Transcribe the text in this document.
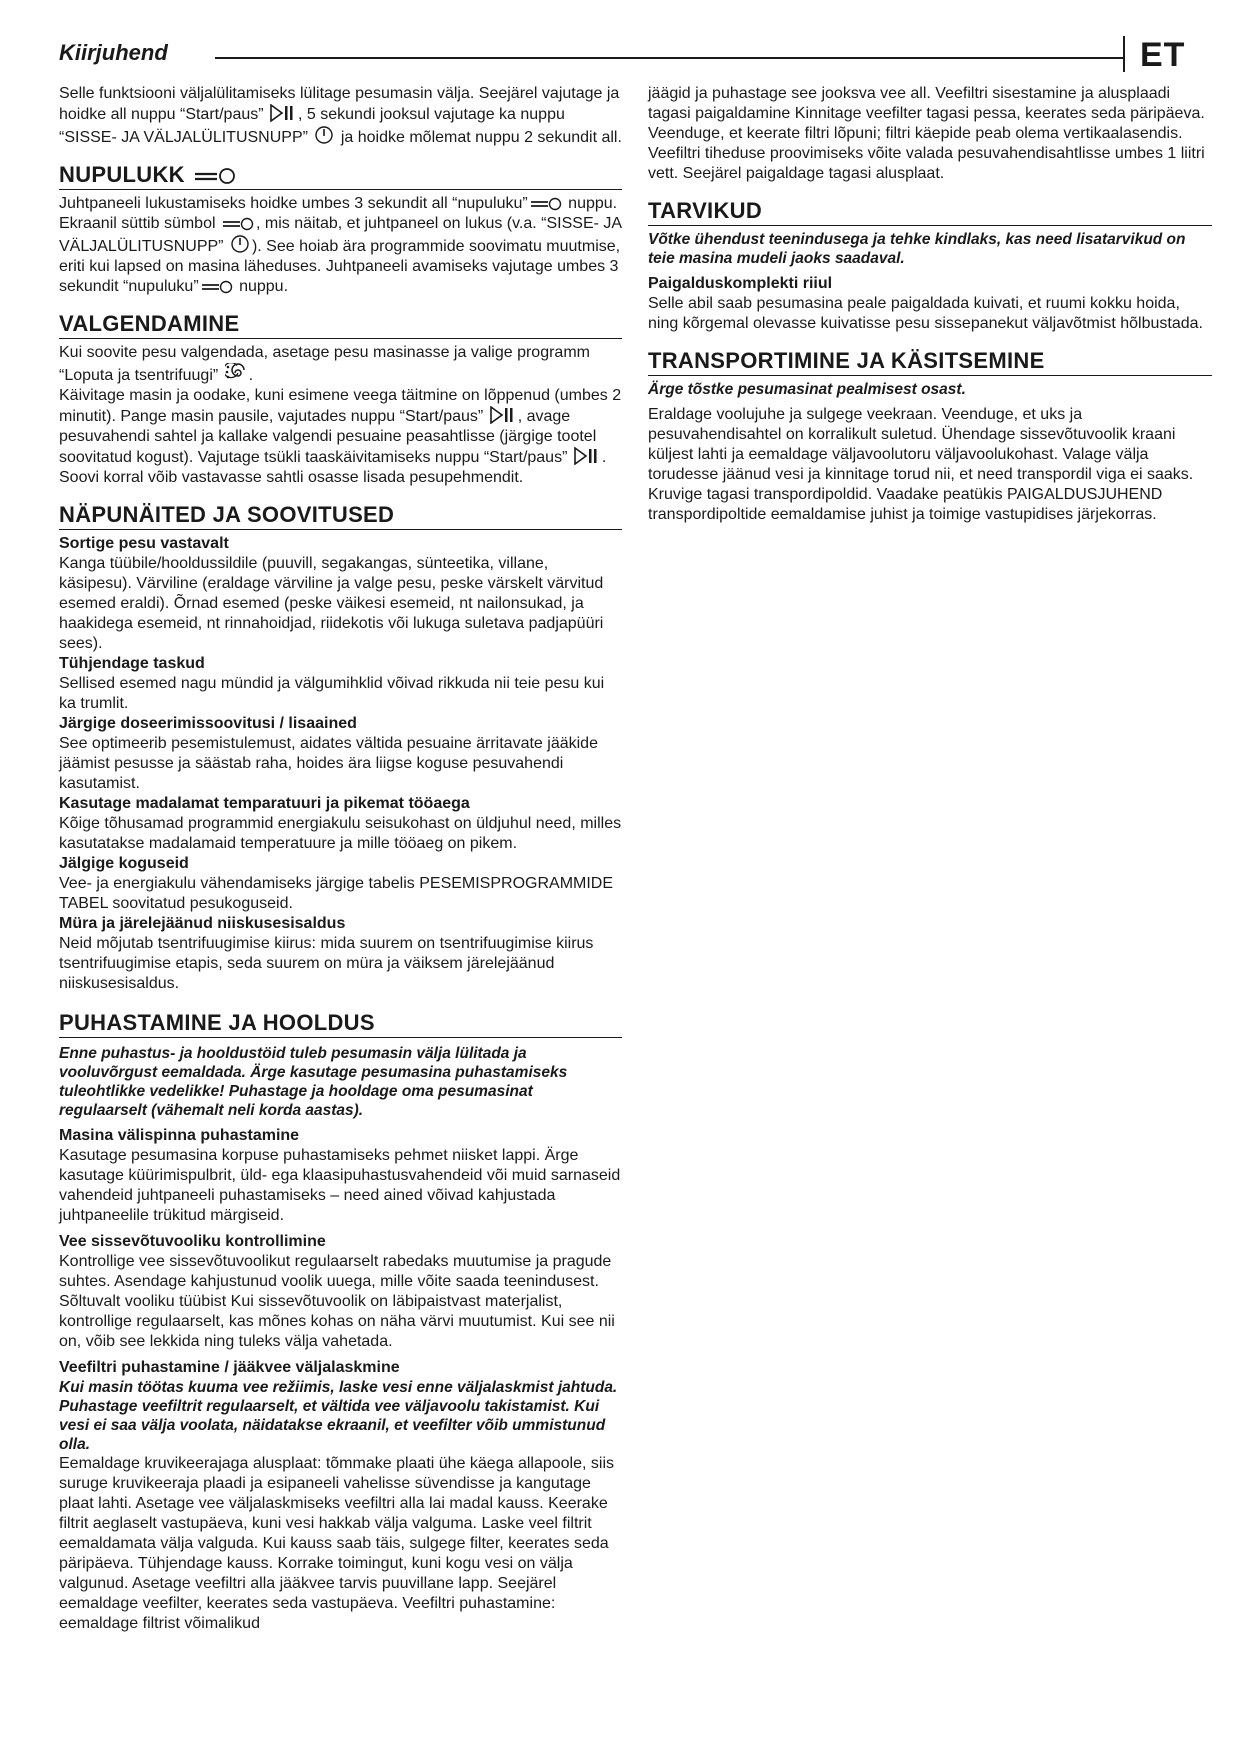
Kiirjuhend	ET

Selle funktsiooni väljalülitamiseks lülitage pesumasin välja. Seejärel vajutage ja hoidke all nuppu “Start/paus” , 5 sekundi jooksul vajutage ka nuppu “SISSE- JA VÄLJALÜLITUSNUPP”  ja hoidke mõlemat nuppu 2 sekundit all.

NUPULUKK

Juhtpaneeli lukustamiseks hoidke umbes 3 sekundit all “nupuluku” nuppu. Ekraanil süttib sümbol , mis näitab, et juhtpaneel on lukus (v.a. “SISSE- JA VÄLJALÜLITUSNUPP” ). See hoiab ära programmide soovimatu muutmise, eriti kui lapsed on masina läheduses. Juhtpaneeli avamiseks vajutage umbes 3 sekundit “nupuluku” nuppu.

VALGENDAMINE

Kui soovite pesu valgendada, asetage pesu masinasse ja valige programm “Loputa ja tsentrifuugi” .

Käivitage masin ja oodake, kuni esimene veega täitmine on lõppenud (umbes 2 minutit). Pange masin pausile, vajutades nuppu “Start/paus” , avage pesuvahendi sahtel ja kallake valgendi pesuaine peasahtlisse (järgige tootel soovitatud kogust). Vajutage tsükli taaskäivitamiseks nuppu “Start/paus” .

Soovi korral võib vastavasse sahtli osasse lisada pesupehmendit.

NÄPUNÄITED JA SOOVITUSED

Sortige pesu vastavalt

Kanga tüübile/hooldussildile (puuvill, segakangas, sünteetika, villane, käsipesu). Värviline (eraldage värviline ja valge pesu, peske värskelt värvitud esemed eraldi). Õrnad esemed (peske väikesi esemeid, nt nailonsukad, ja haakidega esemeid, nt rinnahoidjad, riidekotis või lukuga suletava padjapüüri sees).

Tühjendage taskud

Sellised esemed nagu mündid ja välgumihklid võivad rikkuda nii teie pesu kui ka trumlit.

Järgige doseerimissoovitusi / lisaained

See optimeerib pesemistulemust, aidates vältida pesuaine ärritavate jääkide jäämist pesusse ja säästab raha, hoides ära liigse koguse pesuvahendi kasutamist.

Kasutage madalamat temparatuuri ja pikemat tööaega

Kõige tõhusamad programmid energiakulu seisukohast on üldjuhul need, milles kasutatakse madalamaid temperatuure ja mille tööaeg on pikem.

Jälgige koguseid

Vee- ja energiakulu vähendamiseks järgige tabelis PESEMISPROGRAMMIDE TABEL soovitatud pesukoguseid.

Müra ja järelejäänud niiskusesisaldus

Neid mõjutab tsentrifuugimise kiirus: mida suurem on tsentrifuugimise kiirus tsentrifuugimise etapis, seda suurem on müra ja väiksem järelejäänud niiskusesisaldus.

PUHASTAMINE JA HOOLDUS

Enne puhastus- ja hooldustöid tuleb pesumasin välja lülitada ja vooluvõrgust eemaldada. Ärge kasutage pesumasina puhastamiseks tuleohtlikke vedelikke! Puhastage ja hooldage oma pesumasinat regulaarselt (vähemalt neli korda aastas).

Masina välispinna puhastamine

Kasutage pesumasina korpuse puhastamiseks pehmet niisket lappi. Ärge kasutage küürimispulbrit, üld- ega klaasipuhastusvahendeid või muid sarnaseid vahendeid juhtpaneeli puhastamiseks – need ained võivad kahjustada juhtpaneelile trükitud märgiseid.

Vee sissevõtuvooliku kontrollimine

Kontrollige vee sissevõtuvoolikut regulaarselt rabedaks muutumise ja pragude suhtes. Asendage kahjustunud voolik uuega, mille võite saada teenindusest. Sõltuvalt vooliku tüübist Kui sissevõtuvoolik on läbipaistvast materjalist, kontrollige regulaarselt, kas mõnes kohas on näha värvi muutumist. Kui see nii on, võib see lekkida ning tuleks välja vahetada.

Veefiltri puhastamine / jääkvee väljalaskmine

Kui masin töötas kuuma vee režiimis, laske vesi enne väljalaskmist jahtuda. Puhastage veefiltrit regulaarselt, et vältida vee väljavoolu takistamist. Kui vesi ei saa välja voolata, näidatakse ekraanil, et veefilter võib ummistunud olla.

Eemaldage kruvikeerajaga alusplaat: tõmmake plaati ühe käega allapoole, siis suruge kruvikeeraja plaadi ja esipaneeli vahelisse süvendisse ja kangutage plaat lahti. Asetage vee väljalaskmiseks veefiltri alla lai madal kauss. Keerake filtrit aeglaselt vastupäeva, kuni vesi hakkab välja valguma. Laske veel filtrit eemaldamata välja valguda. Kui kauss saab täis, sulgege filter, keerates seda päripäeva. Tühjendage kauss. Korrake toimingut, kuni kogu vesi on välja valgunud. Asetage veefiltri alla jääkvee tarvis puuvillane lapp. Seejärel eemaldage veefilter, keerates seda vastupäeva. Veefiltri puhastamine: eemaldage filtrist võimalikud

jäägid ja puhastage see jooksva vee all. Veefiltri sisestamine ja alusplaadi tagasi paigaldamine Kinnitage veefilter tagasi pessa, keerates seda päripäeva. Veenduge, et keerate filtri lõpuni; filtri käepide peab olema vertikaalasendis. Veefiltri tiheduse proovimiseks võite valada pesuvahendisahtlisse umbes 1 liitri vett. Seejärel paigaldage tagasi alusplaat.

TARVIKUD

Võtke ühendust teenindusega ja tehke kindlaks, kas need lisatarvikud on teie masina mudeli jaoks saadaval.

Paigalduskomplekti riiul

Selle abil saab pesumasina peale paigaldada kuivati, et ruumi kokku hoida, ning kõrgemal olevasse kuivatisse pesu sissepanekut väljavõtmist hõlbustada.

TRANSPORTIMINE JA KÄSITSEMINE

Ärge tõstke pesumasinat pealmisest osast.

Eraldage voolujuhe ja sulgege veekraan. Veenduge, et uks ja pesuvahendisahtel on korralikult suletud. Ühendage sissevõtuvoolik kraani küljest lahti ja eemaldage väljavoolutoru väljavoolukohast. Valage välja torudesse jäänud vesi ja kinnitage torud nii, et need transpordil viga ei saaks. Kruvige tagasi transpordipoldid. Vaadake peatükis PAIGALDUSJUHEND transpordipoltide eemaldamise juhist ja toimige vastupidises järjekorras.
